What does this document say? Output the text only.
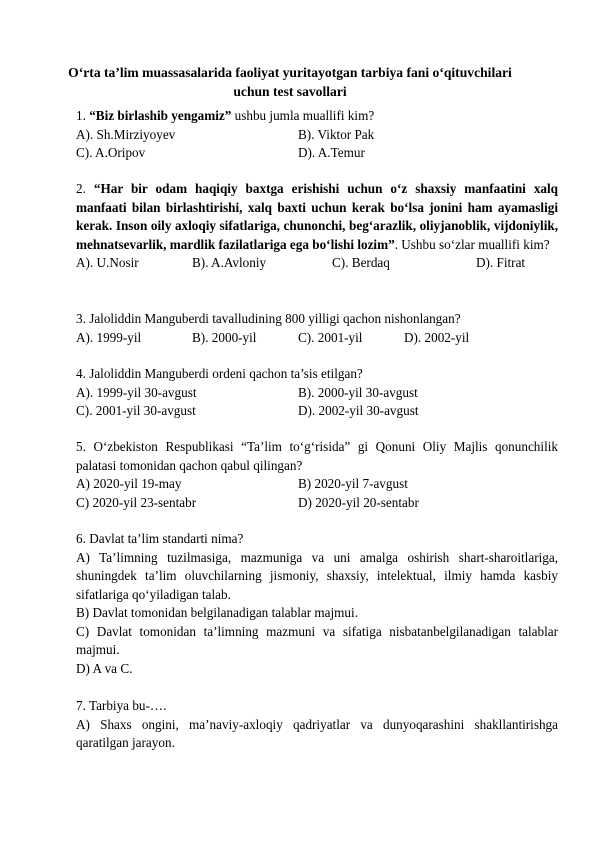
O‘rta ta’lim muassasalarida faoliyat yuritayotgan tarbiya fani o‘qituvchilari
uchun test savollari

1. “Biz birlashib yengamiz” ushbu jumla muallifi kim?

A). Sh.Mirziyoyev	B). Viktor Pak
C). A.Oripov	D). A.Temur

2. “Har bir odam haqiqiy baxtga erishishi uchun o‘z shaxsiy manfaatini xalq manfaati bilan birlashtirishi, xalq baxti uchun kerak bo‘lsa jonini ham ayamasligi kerak. Inson oily axloqiy sifatlariga, chunonchi, beg‘arazlik, oliyjanoblik, vijdoniylik, mehnatsevarlik, mardlik fazilatlariga ega bo‘lishi lozim”. Ushbu so‘zlar muallifi kim?

A). U.Nosir	B). A.Avloniy	C). Berdaq	D). Fitrat

3. Jaloliddin Manguberdi tavalludining 800 yilligi qachon nishonlangan?

A). 1999-yil	B). 2000-yil	C). 2001-yil	D). 2002-yil

4. Jaloliddin Manguberdi ordeni qachon ta’sis etilgan?

A). 1999-yil 30-avgust	B). 2000-yil 30-avgust
C). 2001-yil 30-avgust	D). 2002-yil 30-avgust

5. O‘zbekiston Respublikasi “Ta’lim to‘g‘risida” gi Qonuni Oliy Majlis qonunchilik palatasi tomonidan qachon qabul qilingan?

A) 2020-yil 19-may	B) 2020-yil 7-avgust
C) 2020-yil 23-sentabr	D) 2020-yil 20-sentabr

6. Davlat ta’lim standarti nima?

A) Ta’limning tuzilmasiga, mazmuniga va uni amalga oshirish shart-sharoitlariga, shuningdek ta’lim oluvchilarning jismoniy, shaxsiy, intelektual, ilmiy hamda kasbiy sifatlariga qo‘yiladigan talab.

B) Davlat tomonidan belgilanadigan talablar majmui.

C) Davlat tomonidan ta’limning mazmuni va sifatiga nisbatanbelgilanadigan talablar majmui.

D) A va C.

7. Tarbiya bu-….

A) Shaxs ongini, ma’naviy-axloqiy qadriyatlar va dunyoqarashini shakllantirishga qaratilgan jarayon.
